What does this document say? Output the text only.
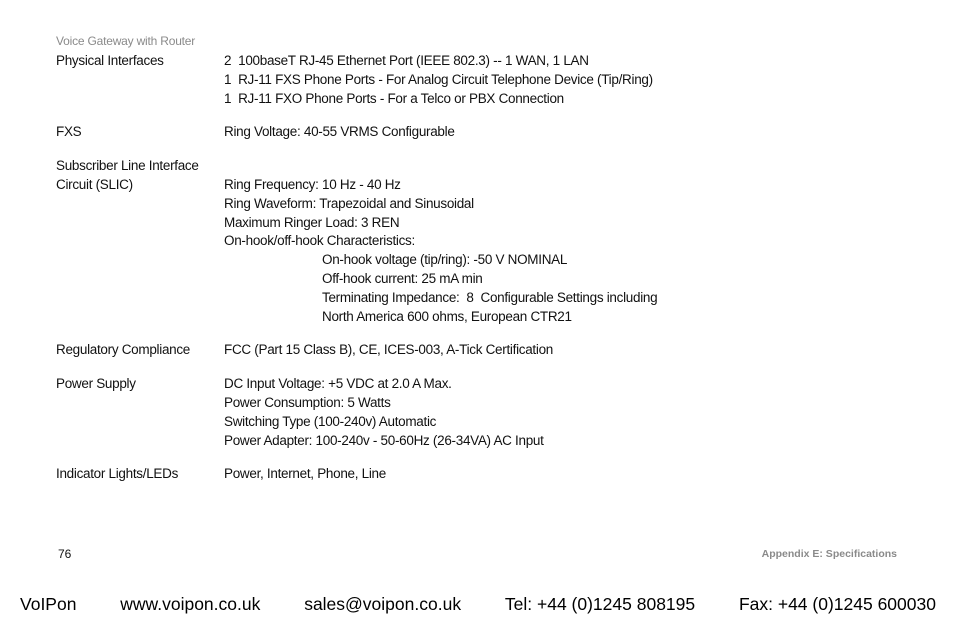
Voice Gateway with Router
Physical Interfaces	2  100baseT RJ-45 Ethernet Port (IEEE 802.3) -- 1 WAN, 1 LAN
1  RJ-11 FXS Phone Ports - For Analog Circuit Telephone Device (Tip/Ring)
1  RJ-11 FXO Phone Ports - For a Telco or PBX Connection
FXS	Ring Voltage: 40-55 VRMS Configurable
Subscriber Line Interface
Circuit (SLIC)
	Ring Frequency: 10 Hz - 40 Hz
Ring Waveform: Trapezoidal and Sinusoidal
Maximum Ringer Load: 3 REN
On-hook/off-hook Characteristics:
On-hook voltage (tip/ring): -50 V NOMINAL
Off-hook current: 25 mA min
Terminating Impedance:  8  Configurable Settings including
North America 600 ohms, European CTR21
Regulatory Compliance	FCC (Part 15 Class B), CE, ICES-003, A-Tick Certification
Power Supply	DC Input Voltage: +5 VDC at 2.0 A Max.
Power Consumption: 5 Watts
Switching Type (100-240v) Automatic
Power Adapter: 100-240v - 50-60Hz (26-34VA) AC Input
Indicator Lights/LEDs	Power, Internet, Phone, Line
76	Appendix E: Specifications
VoIPon	www.voipon.co.uk	sales@voipon.co.uk	Tel: +44 (0)1245 808195	Fax: +44 (0)1245 600030
